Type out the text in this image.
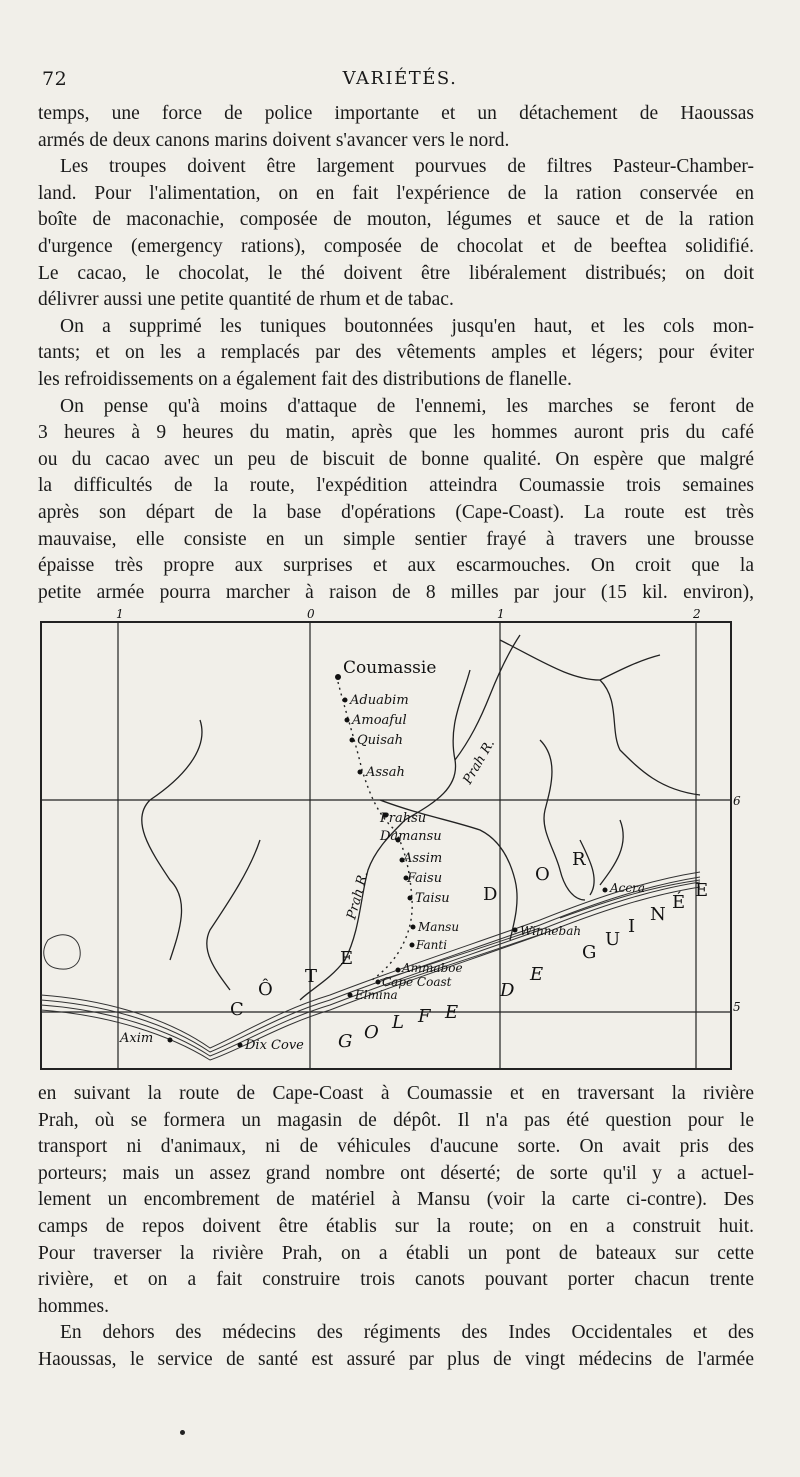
72	VARIÉTÉS.
temps, une force de police importante et un détachement de Haoussas
armés de deux canons marins doivent s'avancer vers le nord.
Les troupes doivent être largement pourvues de filtres Pasteur-Chamber-
land. Pour l'alimentation, on en fait l'expérience de la ration conservée en
boîte de maconachie, composée de mouton, légumes et sauce et de la ration
d'urgence (emergency rations), composée de chocolat et de beeftea solidifié.
Le cacao, le chocolat, le thé doivent être libéralement distribués; on doit
délivrer aussi une petite quantité de rhum et de tabac.
On a supprimé les tuniques boutonnées jusqu'en haut, et les cols mon-
tants; et on les a remplacés par des vêtements amples et légers; pour éviter
les refroidissements on a également fait des distributions de flanelle.
On pense qu'à moins d'attaque de l'ennemi, les marches se feront de
3 heures à 9 heures du matin, après que les hommes auront pris du café
ou du cacao avec un peu de biscuit de bonne qualité. On espère que malgré
la difficultés de la route, l'expédition atteindra Coumassie trois semaines
après son départ de la base d'opérations (Cape-Coast). La route est très
mauvaise, elle consiste en un simple sentier frayé à travers une brousse
épaisse très propre aux surprises et aux escarmouches. On croit que la
petite armée pourra marcher à raison de 8 milles par jour (15 kil. environ),
1	0	1	2
6
5
Coumassie
Aduabim
Amoaful
Quisah
Assah
Prahsu
Damansu
Assim
Faisu
Taisu
Mansu
Fanti
Ammaboe
Cape Coast
Elmina
Winnebah
Accra
Axim	Dix Cove
Prah R.
Prah R.
C
Ô
T
E
D
O
R
G O L F E
D
E
G
U
I
N
É
E
en suivant la route de Cape-Coast à Coumassie et en traversant la rivière
Prah, où se formera un magasin de dépôt. Il n'a pas été question pour le
transport ni d'animaux, ni de véhicules d'aucune sorte. On avait pris des
porteurs; mais un assez grand nombre ont déserté; de sorte qu'il y a actuel-
lement un encombrement de matériel à Mansu (voir la carte ci-contre). Des
camps de repos doivent être établis sur la route; on en a construit huit.
Pour traverser la rivière Prah, on a établi un pont de bateaux sur cette
rivière, et on a fait construire trois canots pouvant porter chacun trente
hommes.
En dehors des médecins des régiments des Indes Occidentales et des
Haoussas, le service de santé est assuré par plus de vingt médecins de l'armée
